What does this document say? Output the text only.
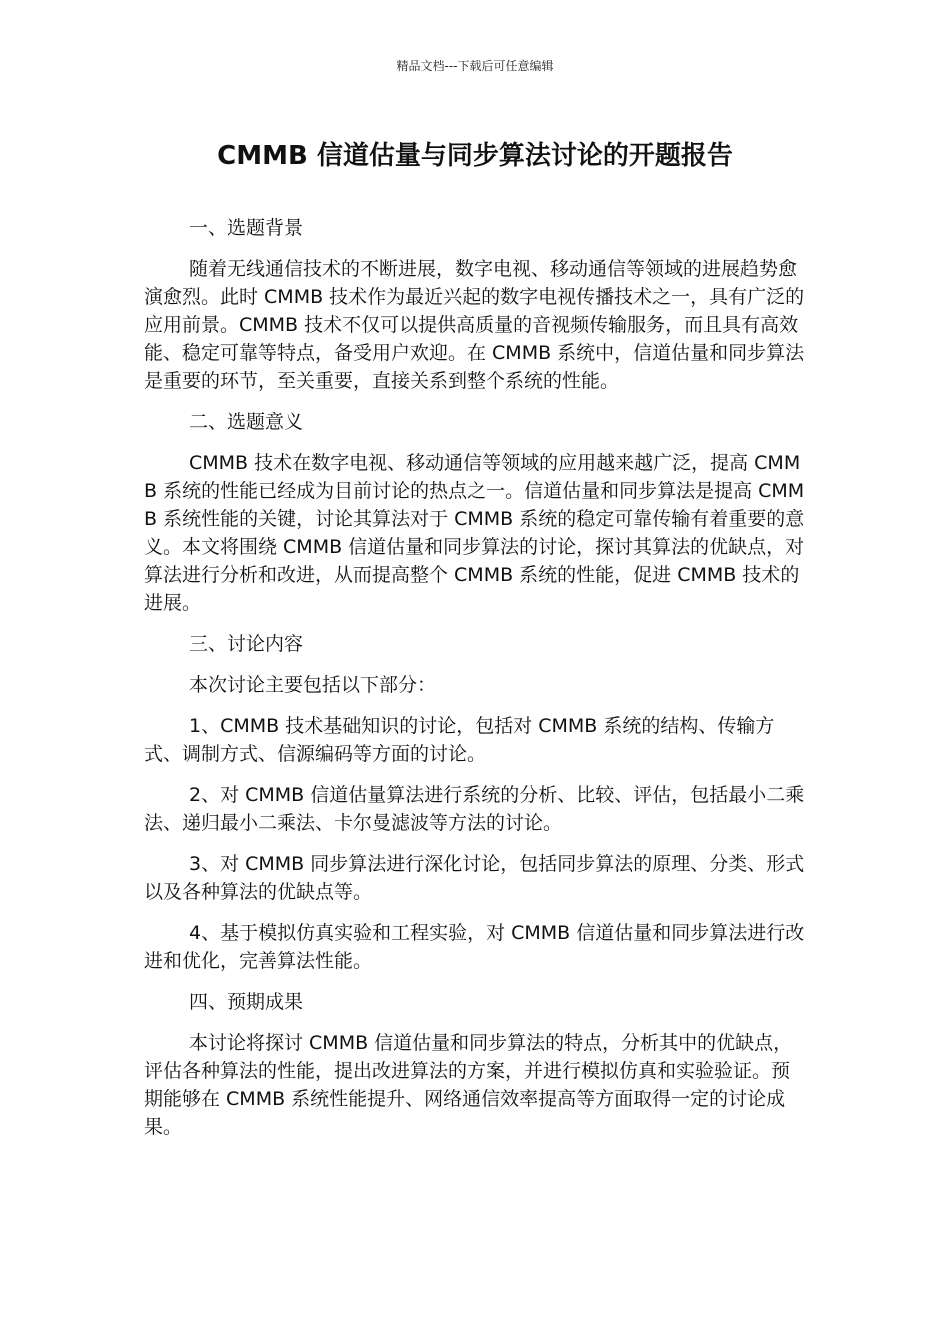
精品文档---下载后可任意编辑
CMMB 信道估量与同步算法讨论的开题报告

一、选题背景

随着无线通信技术的不断进展，数字电视、移动通信等领域的进展趋势愈演愈烈。此时 CMMB 技术作为最近兴起的数字电视传播技术之一，具有广泛的应用前景。CMMB 技术不仅可以提供高质量的音视频传输服务，而且具有高效能、稳定可靠等特点，备受用户欢迎。在 CMMB 系统中，信道估量和同步算法是重要的环节，至关重要，直接关系到整个系统的性能。

二、选题意义

CMMB 技术在数字电视、移动通信等领域的应用越来越广泛，提高 CMMB 系统的性能已经成为目前讨论的热点之一。信道估量和同步算法是提高 CMMB 系统性能的关键，讨论其算法对于 CMMB 系统的稳定可靠传输有着重要的意义。本文将围绕 CMMB 信道估量和同步算法的讨论，探讨其算法的优缺点，对算法进行分析和改进，从而提高整个 CMMB 系统的性能，促进 CMMB 技术的进展。

三、讨论内容

本次讨论主要包括以下部分：

1、CMMB 技术基础知识的讨论，包括对 CMMB 系统的结构、传输方式、调制方式、信源编码等方面的讨论。

2、对 CMMB 信道估量算法进行系统的分析、比较、评估，包括最小二乘法、递归最小二乘法、卡尔曼滤波等方法的讨论。

3、对 CMMB 同步算法进行深化讨论，包括同步算法的原理、分类、形式以及各种算法的优缺点等。

4、基于模拟仿真实验和工程实验，对 CMMB 信道估量和同步算法进行改进和优化，完善算法性能。

四、预期成果

本讨论将探讨 CMMB 信道估量和同步算法的特点，分析其中的优缺点，评估各种算法的性能，提出改进算法的方案，并进行模拟仿真和实验验证。预期能够在 CMMB 系统性能提升、网络通信效率提高等方面取得一定的讨论成果。
